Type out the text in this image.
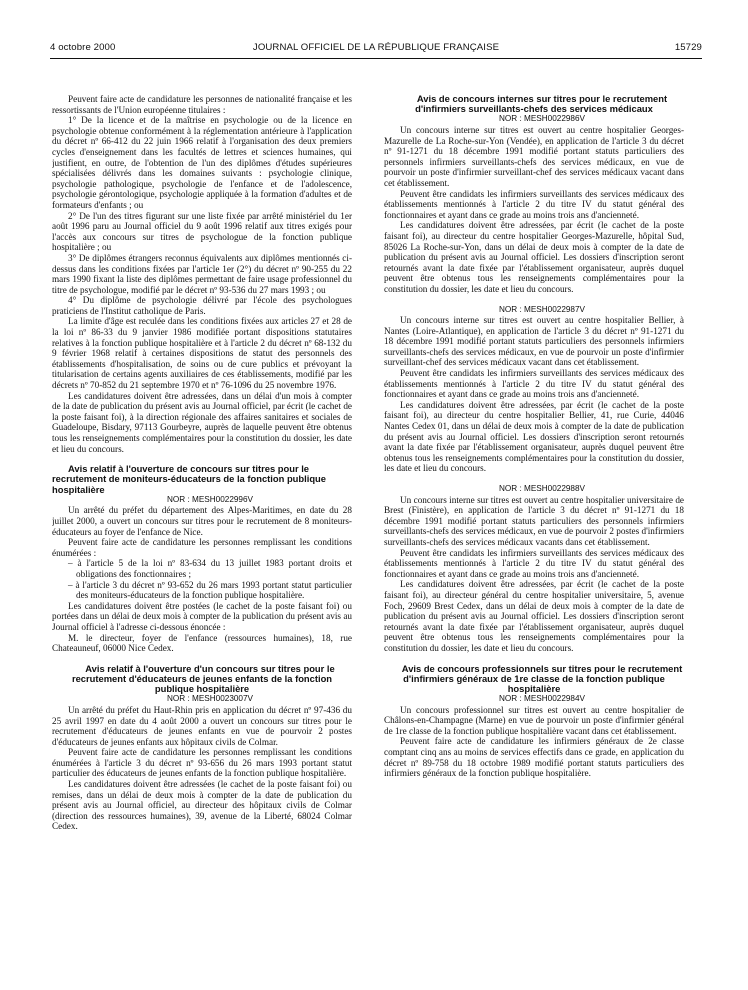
4 octobre 2000	JOURNAL OFFICIEL DE LA RÉPUBLIQUE FRANÇAISE	15729

Peuvent faire acte de candidature les personnes de nationalité française et les ressortissants de l'Union européenne titulaires :

1° De la licence et de la maîtrise en psychologie ou de la licence en psychologie obtenue conformément à la réglementation antérieure à l'application du décret nº 66-412 du 22 juin 1966 relatif à l'organisation des deux premiers cycles d'enseignement dans les facultés de lettres et sciences humaines, qui justifient, en outre, de l'obtention de l'un des diplômes d'études supérieures spécialisées délivrés dans les domaines suivants : psychologie clinique, psychologie pathologique, psychologie de l'enfance et de l'adolescence, psychologie gérontologique, psychologie appliquée à la formation d'adultes et de formateurs d'enfants ; ou

2° De l'un des titres figurant sur une liste fixée par arrêté ministériel du 1er août 1996 paru au Journal officiel du 9 août 1996 relatif aux titres exigés pour l'accès aux concours sur titres de psychologue de la fonction publique hospitalière ; ou

3° De diplômes étrangers reconnus équivalents aux diplômes mentionnés ci-dessus dans les conditions fixées par l'article 1er (2°) du décret nº 90-255 du 22 mars 1990 fixant la liste des diplômes permettant de faire usage professionnel du titre de psychologue, modifié par le décret nº 93-536 du 27 mars 1993 ; ou

4° Du diplôme de psychologie délivré par l'école des psychologues praticiens de l'Institut catholique de Paris.

La limite d'âge est reculée dans les conditions fixées aux articles 27 et 28 de la loi nº 86-33 du 9 janvier 1986 modifiée portant dispositions statutaires relatives à la fonction publique hospitalière et à l'article 2 du décret nº 68-132 du 9 février 1968 relatif à certaines dispositions de statut des personnels des établissements d'hospitalisation, de soins ou de cure publics et prévoyant la titularisation de certains agents auxiliaires de ces établissements, modifié par les décrets nº 70-852 du 21 septembre 1970 et nº 76-1096 du 25 novembre 1976.

Les candidatures doivent être adressées, dans un délai d'un mois à compter de la date de publication du présent avis au Journal officiel, par écrit (le cachet de la poste faisant foi), à la direction régionale des affaires sanitaires et sociales de Guadeloupe, Bisdary, 97113 Gourbeyre, auprès de laquelle peuvent être obtenus tous les renseignements complémentaires pour la constitution du dossier, les date et lieu du concours.

Avis relatif à l'ouverture de concours sur titres pour le recrutement de moniteurs-éducateurs de la fonction publique hospitalière

NOR : MESH0022996V

Un arrêté du préfet du département des Alpes-Maritimes, en date du 28 juillet 2000, a ouvert un concours sur titres pour le recrutement de 8 moniteurs-éducateurs au foyer de l'enfance de Nice.

Peuvent faire acte de candidature les personnes remplissant les conditions énumérées :

– à l'article 5 de la loi nº 83-634 du 13 juillet 1983 portant droits et obligations des fonctionnaires ;
– à l'article 3 du décret nº 93-652 du 26 mars 1993 portant statut particulier des moniteurs-éducateurs de la fonction publique hospitalière.

Les candidatures doivent être postées (le cachet de la poste faisant foi) ou portées dans un délai de deux mois à compter de la publication du présent avis au Journal officiel à l'adresse ci-dessous énoncée :

M. le directeur, foyer de l'enfance (ressources humaines), 18, rue Chateauneuf, 06000 Nice Cedex.

Avis relatif à l'ouverture d'un concours sur titres pour le recrutement d'éducateurs de jeunes enfants de la fonction publique hospitalière

NOR : MESH0023007V

Un arrêté du préfet du Haut-Rhin pris en application du décret nº 97-436 du 25 avril 1997 en date du 4 août 2000 a ouvert un concours sur titres pour le recrutement d'éducateurs de jeunes enfants en vue de pourvoir 2 postes d'éducateurs de jeunes enfants aux hôpitaux civils de Colmar.

Peuvent faire acte de candidature les personnes remplissant les conditions énumérées à l'article 3 du décret nº 93-656 du 26 mars 1993 portant statut particulier des éducateurs de jeunes enfants de la fonction publique hospitalière.

Les candidatures doivent être adressées (le cachet de la poste faisant foi) ou remises, dans un délai de deux mois à compter de la date de publication du présent avis au Journal officiel, au directeur des hôpitaux civils de Colmar (direction des ressources humaines), 39, avenue de la Liberté, 68024 Colmar Cedex.

Avis de concours internes sur titres pour le recrutement d'infirmiers surveillants-chefs des services médicaux

NOR : MESH0022986V

Un concours interne sur titres est ouvert au centre hospitalier Georges-Mazurelle de La Roche-sur-Yon (Vendée), en application de l'article 3 du décret nº 91-1271 du 18 décembre 1991 modifié portant statuts particuliers des personnels infirmiers surveillants-chefs des services médicaux, en vue de pourvoir un poste d'infirmier surveillant-chef des services médicaux vacant dans cet établissement.

Peuvent être candidats les infirmiers surveillants des services médicaux des établissements mentionnés à l'article 2 du titre IV du statut général des fonctionnaires et ayant dans ce grade au moins trois ans d'ancienneté.

Les candidatures doivent être adressées, par écrit (le cachet de la poste faisant foi), au directeur du centre hospitalier Georges-Mazurelle, hôpital Sud, 85026 La Roche-sur-Yon, dans un délai de deux mois à compter de la date de publication du présent avis au Journal officiel. Les dossiers d'inscription seront retournés avant la date fixée par l'établissement organisateur, auprès duquel peuvent être obtenus tous les renseignements complémentaires pour la constitution du dossier, les date et lieu du concours.

NOR : MESH0022987V

Un concours interne sur titres est ouvert au centre hospitalier Bellier, à Nantes (Loire-Atlantique), en application de l'article 3 du décret nº 91-1271 du 18 décembre 1991 modifié portant statuts particuliers des personnels infirmiers surveillants-chefs des services médicaux, en vue de pourvoir un poste d'infirmier surveillant-chef des services médicaux vacant dans cet établissement.

Peuvent être candidats les infirmiers surveillants des services médicaux des établissements mentionnés à l'article 2 du titre IV du statut général des fonctionnaires et ayant dans ce grade au moins trois ans d'ancienneté.

Les candidatures doivent être adressées, par écrit (le cachet de la poste faisant foi), au directeur du centre hospitalier Bellier, 41, rue Curie, 44046 Nantes Cedex 01, dans un délai de deux mois à compter de la date de publication du présent avis au Journal officiel. Les dossiers d'inscription seront retournés avant la date fixée par l'établissement organisateur, auprès duquel peuvent être obtenus tous les renseignements complémentaires pour la constitution du dossier, les date et lieu du concours.

NOR : MESH0022988V

Un concours interne sur titres est ouvert au centre hospitalier universitaire de Brest (Finistère), en application de l'article 3 du décret nº 91-1271 du 18 décembre 1991 modifié portant statuts particuliers des personnels infirmiers surveillants-chefs des services médicaux, en vue de pourvoir 2 postes d'infirmiers surveillants-chefs des services médicaux vacants dans cet établissement.

Peuvent être candidats les infirmiers surveillants des services médicaux des établissements mentionnés à l'article 2 du titre IV du statut général des fonctionnaires et ayant dans ce grade au moins trois ans d'ancienneté.

Les candidatures doivent être adressées, par écrit (le cachet de la poste faisant foi), au directeur général du centre hospitalier universitaire, 5, avenue Foch, 29609 Brest Cedex, dans un délai de deux mois à compter de la date de publication du présent avis au Journal officiel. Les dossiers d'inscription seront retournés avant la date fixée par l'établissement organisateur, auprès duquel peuvent être obtenus tous les renseignements complémentaires pour la constitution du dossier, les date et lieu du concours.

Avis de concours professionnels sur titres pour le recrutement d'infirmiers généraux de 1re classe de la fonction publique hospitalière

NOR : MESH0022984V

Un concours professionnel sur titres est ouvert au centre hospitalier de Châlons-en-Champagne (Marne) en vue de pourvoir un poste d'infirmier général de 1re classe de la fonction publique hospitalière vacant dans cet établissement.

Peuvent faire acte de candidature les infirmiers généraux de 2e classe comptant cinq ans au moins de services effectifs dans ce grade, en application du décret nº 89-758 du 18 octobre 1989 modifié portant statuts particuliers des infirmiers généraux de la fonction publique hospitalière.
